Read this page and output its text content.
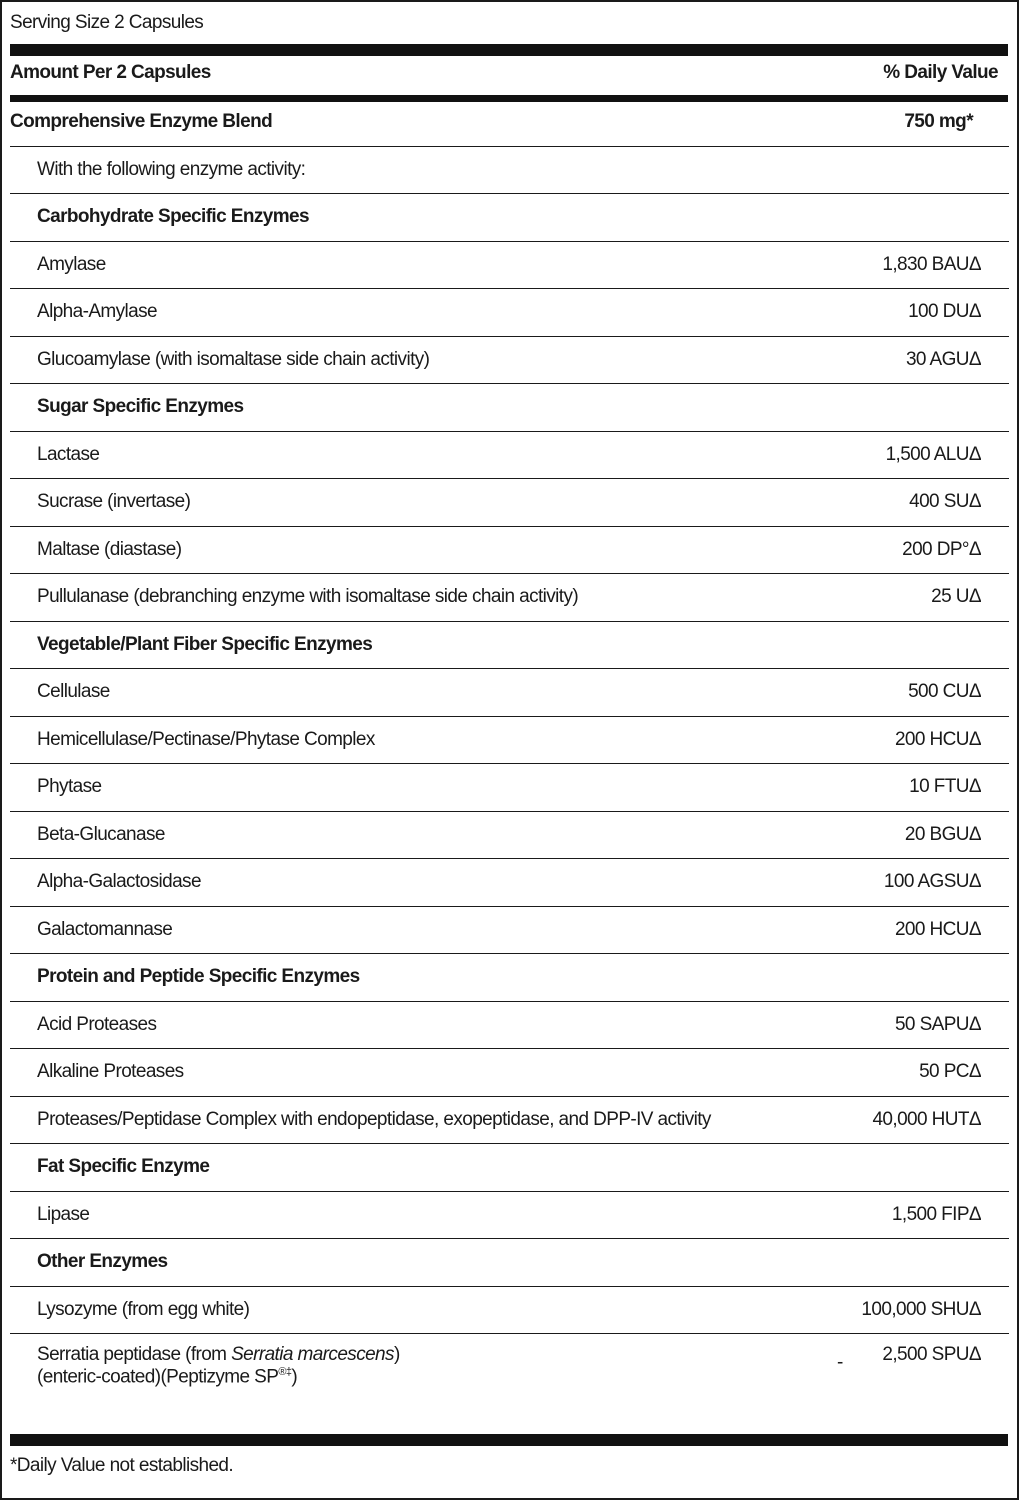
Serving Size 2 Capsules
Amount Per 2 Capsules	% Daily Value
Comprehensive Enzyme Blend	750 mg*
With the following enzyme activity:	
Carbohydrate Specific Enzymes	
Amylase	1,830 BAUΔ
Alpha-Amylase	100 DUΔ
Glucoamylase (with isomaltase side chain activity)	30 AGUΔ
Sugar Specific Enzymes	
Lactase	1,500 ALUΔ
Sucrase (invertase)	400 SUΔ
Maltase (diastase)	200 DP°Δ
Pullulanase (debranching enzyme with isomaltase side chain activity)	25 UΔ
Vegetable/Plant Fiber Specific Enzymes	
Cellulase	500 CUΔ
Hemicellulase/Pectinase/Phytase Complex	200 HCUΔ
Phytase	10 FTUΔ
Beta-Glucanase	20 BGUΔ
Alpha-Galactosidase	100 AGSUΔ
Galactomannase	200 HCUΔ
Protein and Peptide Specific Enzymes	
Acid Proteases	50 SAPUΔ
Alkaline Proteases	50 PCΔ
Proteases/Peptidase Complex with endopeptidase, exopeptidase, and DPP-IV activity	40,000 HUTΔ
Fat Specific Enzyme	
Lipase	1,500 FIPΔ
Other Enzymes	
Lysozyme (from egg white)	100,000 SHUΔ
Serratia peptidase (from Serratia marcescens)
(enteric-coated)(Peptizyme SP®‡)	2,500 SPUΔ
-
*Daily Value not established.
